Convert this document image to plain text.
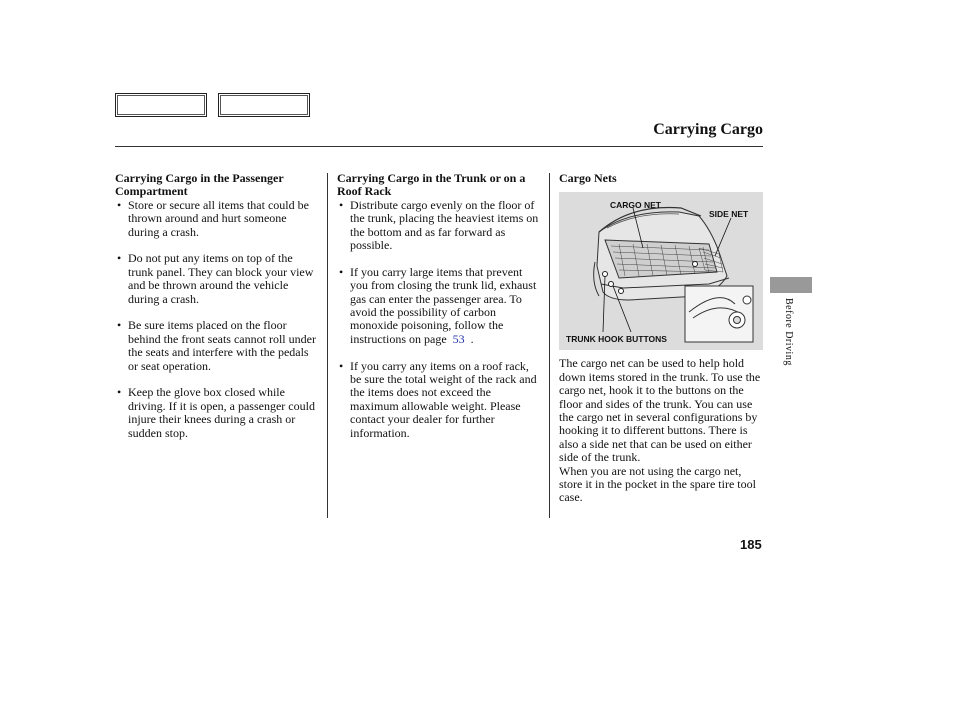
Carrying Cargo
Carrying Cargo in the Passenger Compartment
• Store or secure all items that could be thrown around and hurt someone during a crash.
• Do not put any items on top of the trunk panel. They can block your view and be thrown around the vehicle during a crash.
• Be sure items placed on the floor behind the front seats cannot roll under the seats and interfere with the pedals or seat operation.
• Keep the glove box closed while driving. If it is open, a passenger could injure their knees during a crash or sudden stop.
Carrying Cargo in the Trunk or on a Roof Rack
• Distribute cargo evenly on the floor of the trunk, placing the heaviest items on the bottom and as far forward as possible.
• If you carry large items that prevent you from closing the trunk lid, exhaust gas can enter the passenger area. To avoid the possibility of carbon monoxide poisoning, follow the instructions on page 53 .
• If you carry any items on a roof rack, be sure the total weight of the rack and the items does not exceed the maximum allowable weight. Please contact your dealer for further information.
Cargo Nets
CARGO NET
SIDE NET
TRUNK HOOK BUTTONS

The cargo net can be used to help hold down items stored in the trunk. To use the cargo net, hook it to the buttons on the floor and sides of the trunk. You can use the cargo net in several configurations by hooking it to different buttons. There is also a side net that can be used on either side of the trunk.

When you are not using the cargo net, store it in the pocket in the spare tire tool case.

185
Before Driving
